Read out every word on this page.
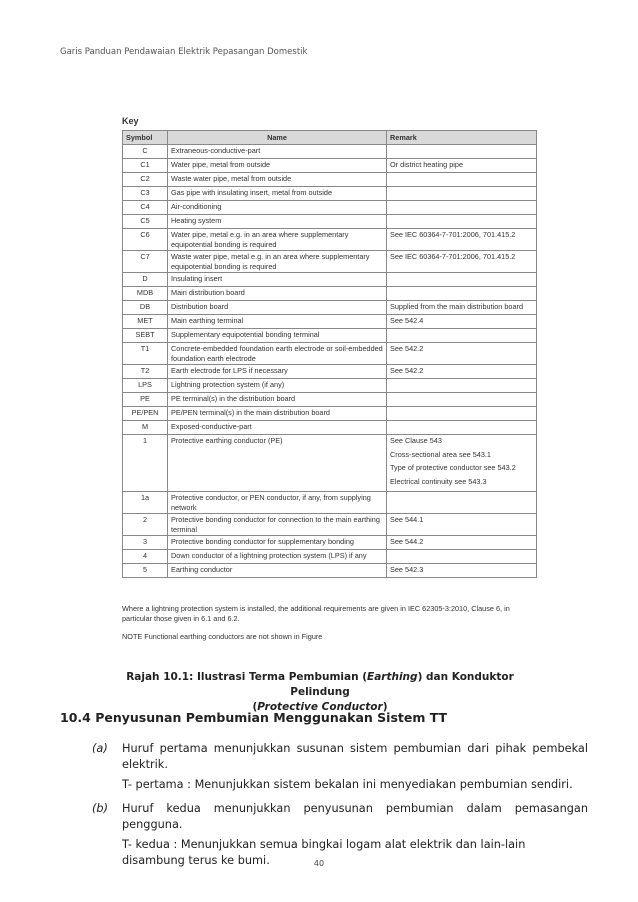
Garis Panduan Pendawaian Elektrik Pepasangan Domestik
Key
Symbol	Name	Remark
C	Extraneous-conductive-part	
C1	Water pipe, metal from outside	Or district heating pipe

C2	Waste water pipe, metal from outside	
C3	Gas pipe with insulating insert, metal from outside	
C4	Air-conditioning	
C5	Heating system	
C6	Water pipe, metal e.g. in an area where supplementary equipotential bonding is required	See IEC 60364-7-701:2006, 701.415.2

C7	Waste water pipe, metal e.g. in an area where supplementary equipotential bonding is required	See IEC 60364-7-701:2006, 701.415.2

D	Insulating insert	
MDB	Main distribution board	
DB	Distribution board	Supplied from the main distribution board

MET	Main earthing terminal	See 542.4

SEBT	Supplementary equipotential bonding terminal	
T1	Concrete-embedded foundation earth electrode or soil-embedded foundation earth electrode	See 542.2

T2	Earth electrode for LPS if necessary	See 542.2

LPS	Lightning protection system (if any)	
PE	PE terminal(s) in the distribution board	
PE/PEN	PE/PEN terminal(s) in the main distribution board	
M	Exposed-conductive-part	
1	Protective earthing conductor (PE)	See Clause 543
Cross-sectional area see 543.1
Type of protective conductor see 543.2
Electrical continuity see 543.3

1a	Protective conductor, or PEN conductor, if any, from supplying network	
2	Protective bonding conductor for connection to the main earthing terminal	See 544.1

3	Protective bonding conductor for supplementary bonding	See 544.2

4	Down conductor of a lightning protection system (LPS) if any	
5	Earthing conductor	See 542.3

Where a lightning protection system is installed, the additional requirements are given in IEC 62305-3:2010, Clause 6, in particular those given in 6.1 and 6.2.

NOTE Functional earthing conductors are not shown in Figure

Rajah 10.1: Ilustrasi Terma Pembumian (Earthing) dan Konduktor Pelindung
(Protective Conductor)
10.4 Penyusunan Pembumian Menggunakan Sistem TT
(a) Huruf pertama menunjukkan susunan sistem pembumian dari pihak pembekal elektrik.
T- pertama : Menunjukkan sistem bekalan ini menyediakan pembumian sendiri.
(b) Huruf kedua menunjukkan penyusunan pembumian dalam pemasangan pengguna.
T- kedua : Menunjukkan semua bingkai logam alat elektrik dan lain-lain disambung terus ke bumi.	40
